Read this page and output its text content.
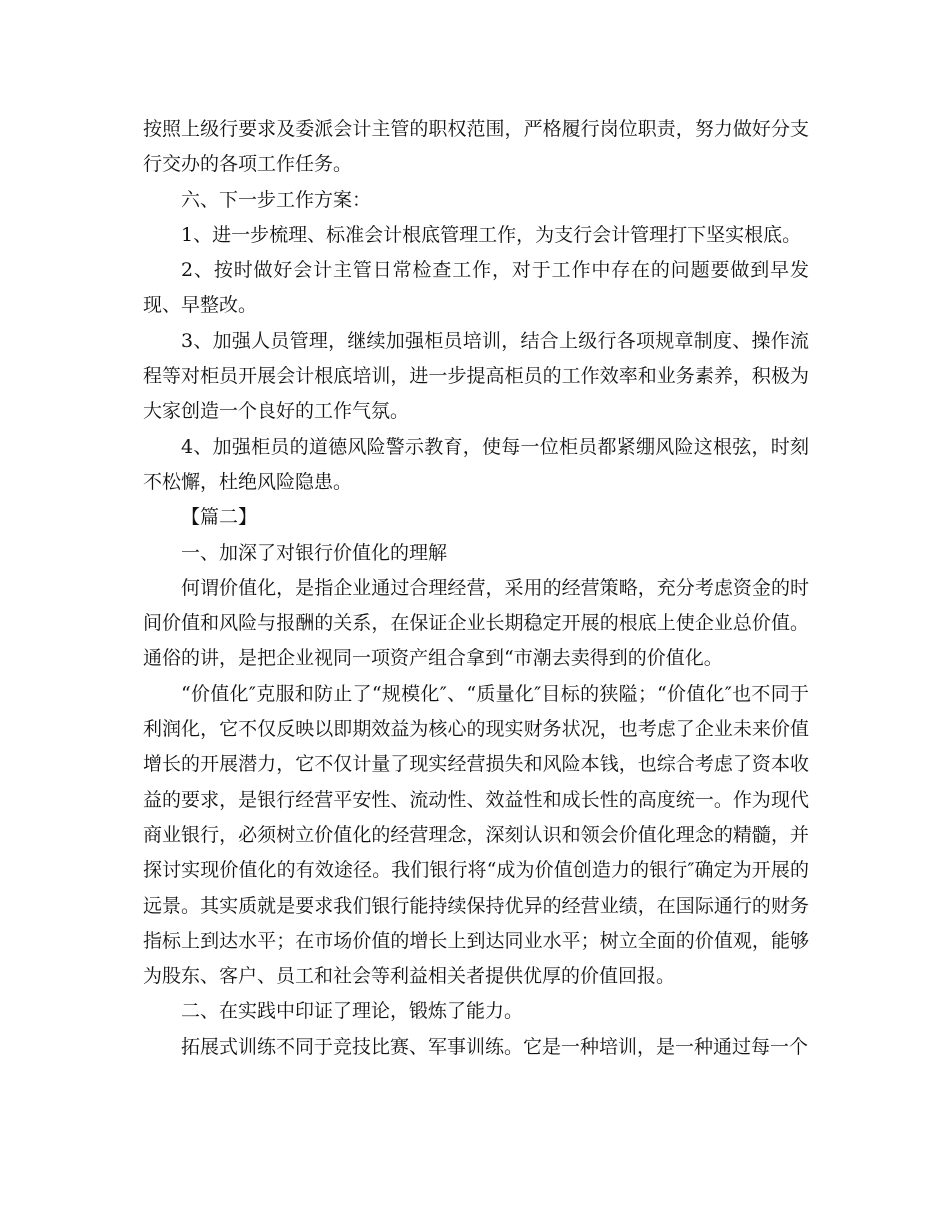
按照上级行要求及委派会计主管的职权范围，严格履行岗位职责，努力做好分支行交办的各项工作任务。

六、下一步工作方案：

1、进一步梳理、标准会计根底管理工作，为支行会计管理打下坚实根底。

2、按时做好会计主管日常检查工作，对于工作中存在的问题要做到早发现、早整改。

3、加强人员管理，继续加强柜员培训，结合上级行各项规章制度、操作流程等对柜员开展会计根底培训，进一步提高柜员的工作效率和业务素养，积极为大家创造一个良好的工作气氛。

4、加强柜员的道德风险警示教育，使每一位柜员都紧绷风险这根弦，时刻不松懈，杜绝风险隐患。

【篇二】

一、加深了对银行价值化的理解

何谓价值化，是指企业通过合理经营，采用的经营策略，充分考虑资金的时间价值和风险与报酬的关系，在保证企业长期稳定开展的根底上使企业总价值。通俗的讲，是把企业视同一项资产组合拿到“市潮去卖得到的价值化。

“价值化″克服和防止了“规模化″、“质量化″目标的狭隘；“价值化″也不同于利润化，它不仅反映以即期效益为核心的现实财务状况，也考虑了企业未来价值增长的开展潜力，它不仅计量了现实经营损失和风险本钱，也综合考虑了资本收益的要求，是银行经营平安性、流动性、效益性和成长性的高度统一。作为现代商业银行，必须树立价值化的经营理念，深刻认识和领会价值化理念的精髓，并探讨实现价值化的有效途径。我们银行将“成为价值创造力的银行″确定为开展的远景。其实质就是要求我们银行能持续保持优异的经营业绩，在国际通行的财务指标上到达水平；在市场价值的增长上到达同业水平；树立全面的价值观，能够为股东、客户、员工和社会等利益相关者提供优厚的价值回报。

二、在实践中印证了理论，锻炼了能力。

拓展式训练不同于竞技比赛、军事训练。它是一种培训，是一种通过每一个
